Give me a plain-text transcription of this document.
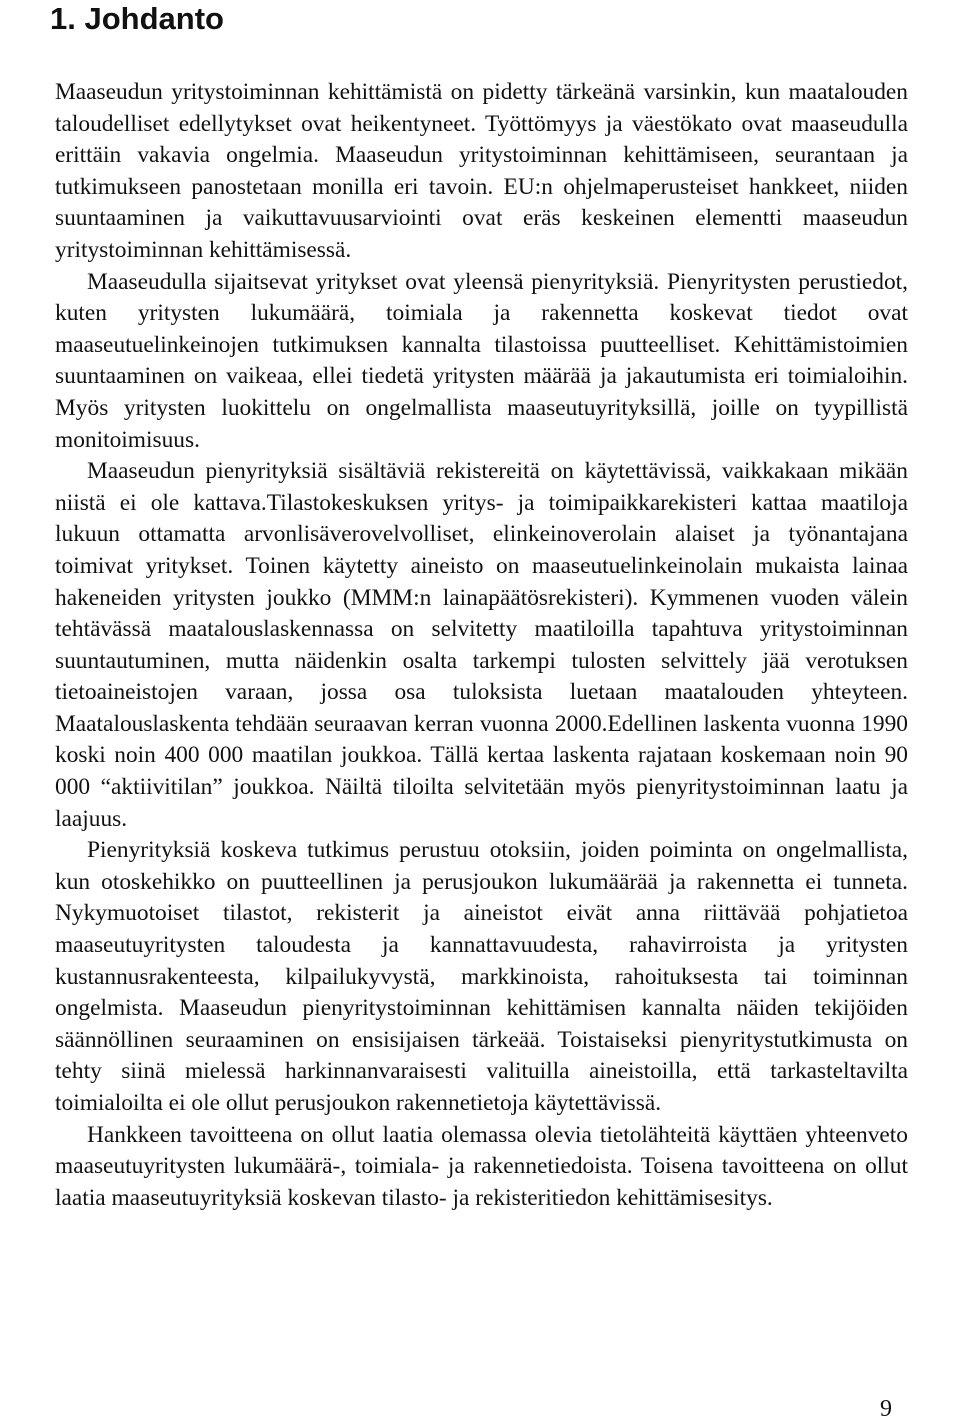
1. Johdanto

Maaseudun yritystoiminnan kehittämistä on pidetty tärkeänä varsinkin, kun maatalouden taloudelliset edellytykset ovat heikentyneet. Työttömyys ja väestökato ovat maaseudulla erittäin vakavia ongelmia. Maaseudun yritystoiminnan kehittämiseen, seurantaan ja tutkimukseen panostetaan monilla eri tavoin. EU:n ohjelmaperusteiset hankkeet, niiden suuntaaminen ja vaikuttavuusarviointi ovat eräs keskeinen elementti maaseudun yritystoiminnan kehittämisessä.

Maaseudulla sijaitsevat yritykset ovat yleensä pienyrityksiä. Pienyritysten perustiedot, kuten yritysten lukumäärä, toimiala ja rakennetta koskevat tiedot ovat maaseutuelinkeinojen tutkimuksen kannalta tilastoissa puutteelliset. Kehittämistoimien suuntaaminen on vaikeaa, ellei tiedetä yritysten määrää ja jakautumista eri toimialoihin. Myös yritysten luokittelu on ongelmallista maaseutuyrityksillä, joille on tyypillistä monitoimisuus.

Maaseudun pienyrityksiä sisältäviä rekistereitä on käytettävissä, vaikkakaan mikään niistä ei ole kattava.Tilastokeskuksen yritys- ja toimipaikkarekisteri kattaa maatiloja lukuun ottamatta arvonlisäverovelvolliset, elinkeinoverolain alaiset ja työnantajana toimivat yritykset. Toinen käytetty aineisto on maaseutuelinkeinolain mukaista lainaa hakeneiden yritysten joukko (MMM:n lainapäätösrekisteri). Kymmenen vuoden välein tehtävässä maatalouslaskennassa on selvitetty maatiloilla tapahtuva yritystoiminnan suuntautuminen, mutta näidenkin osalta tarkempi tulosten selvittely jää verotuksen tietoaineistojen varaan, jossa osa tuloksista luetaan maatalouden yhteyteen. Maatalouslaskenta tehdään seuraavan kerran vuonna 2000.Edellinen laskenta vuonna 1990 koski noin 400 000 maatilan joukkoa. Tällä kertaa laskenta rajataan koskemaan noin 90 000 “aktiivitilan” joukkoa. Näiltä tiloilta selvitetään myös pienyritystoiminnan laatu ja laajuus.

Pienyrityksiä koskeva tutkimus perustuu otoksiin, joiden poiminta on ongelmallista, kun otoskehikko on puutteellinen ja perusjoukon lukumäärää ja rakennetta ei tunneta. Nykymuotoiset tilastot, rekisterit ja aineistot eivät anna riittävää pohjatietoa maaseutuyritysten taloudesta ja kannattavuudesta, rahavirroista ja yritysten kustannusrakenteesta, kilpailukyvystä, markkinoista, rahoituksesta tai toiminnan ongelmista. Maaseudun pienyritystoiminnan kehittämisen kannalta näiden tekijöiden säännöllinen seuraaminen on ensisijaisen tärkeää. Toistaiseksi pienyritystutkimusta on tehty siinä mielessä harkinnanvaraisesti valituilla aineistoilla, että tarkasteltavilta toimialoilta ei ole ollut perusjoukon rakennetietoja käytettävissä.

Hankkeen tavoitteena on ollut laatia olemassa olevia tietolähteitä käyttäen yhteenveto maaseutuyritysten lukumäärä-, toimiala- ja rakennetiedoista. Toisena tavoitteena on ollut laatia maaseutuyrityksiä koskevan tilasto- ja rekisteritiedon kehittämisesitys.

9
